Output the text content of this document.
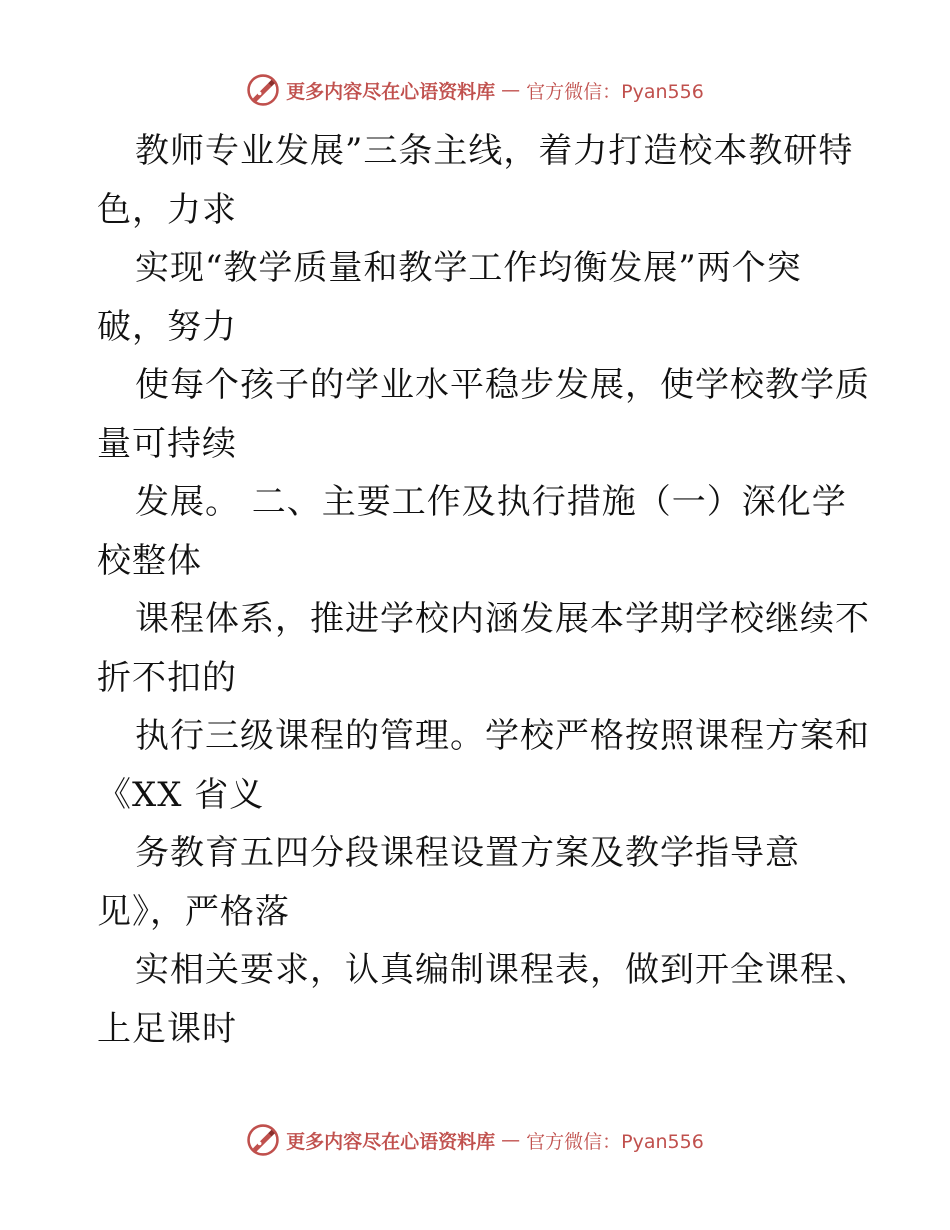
更多内容尽在心语资料库 — 官方微信：Pyan556
教师专业发展”三条主线，着力打造校本教研特
色，力求
实现“教学质量和教学工作均衡发展”两个突
破，努力
使每个孩子的学业水平稳步发展，使学校教学质
量可持续
发展。 二、主要工作及执行措施（一）深化学
校整体
课程体系，推进学校内涵发展本学期学校继续不
折不扣的
执行三级课程的管理。学校严格按照课程方案和
《XX 省义
务教育五四分段课程设置方案及教学指导意
见》，严格落
实相关要求，认真编制课程表，做到开全课程、
上足课时
更多内容尽在心语资料库 — 官方微信：Pyan556
